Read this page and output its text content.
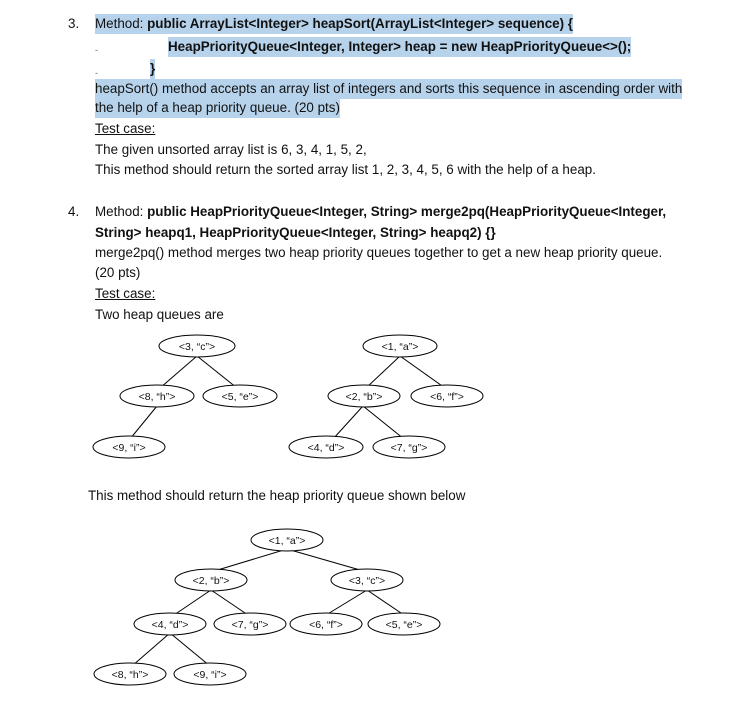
3. Method: public ArrayList<Integer> heapSort(ArrayList<Integer> sequence) {
-	HeapPriorityQueue<Integer, Integer> heap = new HeapPriorityQueue<>();
-	}
heapSort() method accepts an array list of integers and sorts this sequence in ascending order with
the help of a heap priority queue. (20 pts)
Test case:
The given unsorted array list is 6, 3, 4, 1, 5, 2,
This method should return the sorted array list 1, 2, 3, 4, 5, 6 with the help of a heap.
4. Method: public HeapPriorityQueue<Integer, String> merge2pq(HeapPriorityQueue<Integer,
String> heapq1, HeapPriorityQueue<Integer, String> heapq2) {}
merge2pq() method merges two heap priority queues together to get a new heap priority queue.
(20 pts)
Test case:
Two heap queues are
This method should return the heap priority queue shown below
<3, “c”>
<8, “h”>	<5, “e”>
<9, “i”>
<1, “a”>
<2, “b”>	<6, “f”>
<4, “d”>	<7, “g”>
<1, “a”>
<2, “b”>	<3, “c”>
<4, “d”>	<7, “g”>	<6, “f”>	<5, “e”>
<8, “h”>	<9, “i”>
